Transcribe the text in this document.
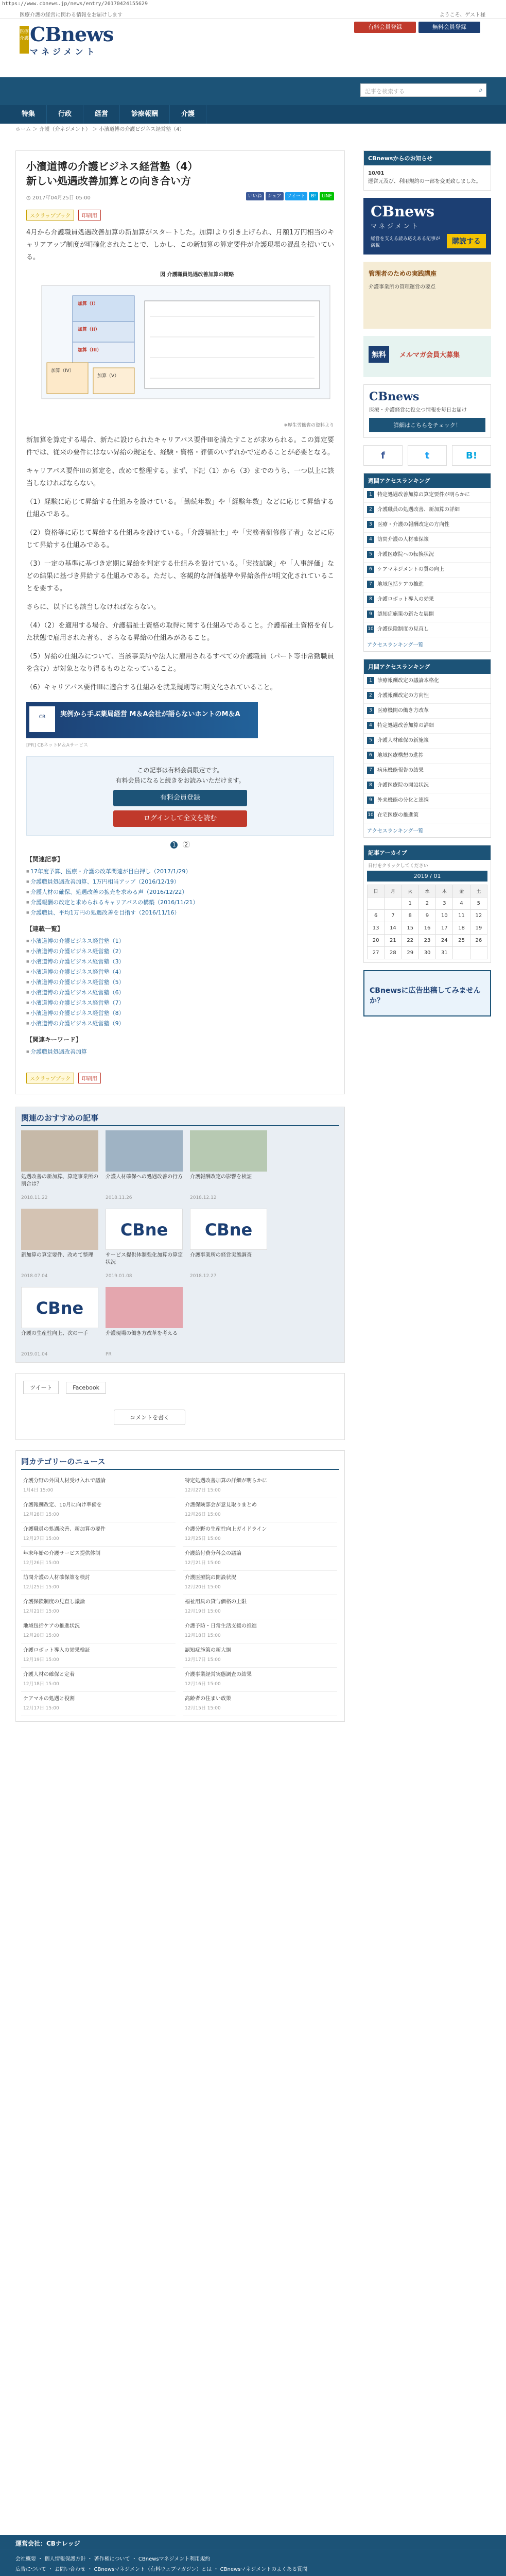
https://www.cbnews.jp/news/entry/20170424155629
医療介護の経営に関わる情報をお届けします	ようこそ、ゲスト様
医療介護 CBnews
マネジメント
有料会員登録	無料会員登録
記事を検索する	⌕
特集	行政	経営	診療報酬	介護
ホーム ＞ 介護（介ネジメント） ＞ 小濱道博の介護ビジネス経営塾（4）
小濱道博の介護ビジネス経営塾（4）
新しい処遇改善加算との向き合い方
◷ 2017年04月25日 05:00	いいね	シェア	ツイート	B!	LINE
スクラップブック 印刷用

4月から介護職員処遇改善加算の新加算がスタートした。加算Iより引き上げられ、月額1万円相当のキャリアアップ制度が明確化されたことで、しかし、この新加算の算定要件が介護現場の混乱を招いている。

図 介護職員処遇改善加算の概略
加算（I）
加算（II）
加算（III）
加算（IV）
加算（V）
※厚生労働省の資料より

新加算を算定する場合、新たに設けられたキャリアパス要件IIIを満たすことが求められる。この算定要件では、従来の要件にはない昇給の規定を、経験・資格・評価のいずれかで定めることが必要となる。

キャリアパス要件IIIの算定を、改めて整理する。まず、下記（1）から（3）までのうち、一つ以上に該当しなければならない。

（1）経験に応じて昇給する仕組みを設けている。「勤続年数」や「経験年数」などに応じて昇給する仕組みである。

（2）資格等に応じて昇給する仕組みを設けている。「介護福祉士」や「実務者研修修了者」などに応じて昇給する仕組みである。

（3）一定の基準に基づき定期に昇給を判定する仕組みを設けている。「実技試験」や「人事評価」などの結果に基づき昇給する仕組みである。ただし、客観的な評価基準や昇給条件が明文化されていることを要する。

さらに、以下にも該当しなければならない。

（4）（2）を適用する場合、介護福祉士資格の取得に関する仕組みであること。介護福祉士資格を有した状態で雇用された者も、さらなる昇給の仕組みがあること。

（5）昇給の仕組みについて、当該事業所や法人に雇用されるすべての介護職員（パート等非常勤職員を含む）が対象となり得るものとなっていること。

（6）キャリアパス要件IIIに適合する仕組みを就業規則等に明文化されていること。

CB	実例から手ぶ薬局経営 M＆A会社が語らないホントのM＆A
[PR] CBネットM＆Aサービス
この記事は有料会員限定です。
有料会員になると続きをお読みいただけます。
有料会員登録
ログインして全文を読む
1 2
【関連記事】
■ 17年度予算、医療・介護の改革関連が目白押し（2017/1/29）
■ 介護職員処遇改善加算、1万円相当アップ（2016/12/19）
■ 介護人材の確保、処遇改善の拡充を求める声（2016/12/22）
■ 介護報酬の改定と求められるキャリアパスの構築（2016/11/21）
■ 介護職員、平均1万円の処遇改善を目指す（2016/11/16）
【連載一覧】
■ 小濱道博の介護ビジネス経営塾（1）
■ 小濱道博の介護ビジネス経営塾（2）
■ 小濱道博の介護ビジネス経営塾（3）
■ 小濱道博の介護ビジネス経営塾（4）
■ 小濱道博の介護ビジネス経営塾（5）
■ 小濱道博の介護ビジネス経営塾（6）
■ 小濱道博の介護ビジネス経営塾（7）
■ 小濱道博の介護ビジネス経営塾（8）
■ 小濱道博の介護ビジネス経営塾（9）
【関連キーワード】
■ 介護職員処遇改善加算
スクラップブック 印刷用
関連のおすすめの記事
処遇改善の新加算、算定事業所の割合は？
2018.11.22
介護人材確保への処遇改善の行方
2018.11.26
介護報酬改定の影響を検証
2018.12.12
新加算の算定要件、改めて整理
2018.07.04
CBne
サービス提供体制強化加算の算定状況
2019.01.08
CBne
介護事業所の経営実態調査
2018.12.27
CBne
介護の生産性向上、次の一手
2019.01.04
介護現場の働き方改革を考える
PR
ツイート	Facebook
コメントを書く
同カテゴリーのニュース
介護分野の外国人材受け入れで議論
1月4日 15:00
介護報酬改定、10月に向け準備を
12月28日 15:00
介護職員の処遇改善、新加算の要件
12月27日 15:00
年末年始の介護サービス提供体制
12月26日 15:00
訪問介護の人材確保策を検討
12月25日 15:00
介護保険制度の見直し議論
12月21日 15:00
地域包括ケアの推進状況
12月20日 15:00
介護ロボット導入の効果検証
12月19日 15:00
介護人材の確保と定着
12月18日 15:00
ケアマネの処遇と役割
12月17日 15:00
特定処遇改善加算の詳細が明らかに
12月27日 15:00
介護保険部会が意見取りまとめ
12月26日 15:00
介護分野の生産性向上ガイドライン
12月25日 15:00
介護給付費分科会の議論
12月21日 15:00
介護医療院の開設状況
12月20日 15:00
福祉用具の貸与価格の上限
12月19日 15:00
介護予防・日常生活支援の推進
12月18日 15:00
認知症施策の新大綱
12月17日 15:00
介護事業経営実態調査の結果
12月16日 15:00
高齢者の住まい政策
12月15日 15:00
CBnewsからのお知らせ
10/01
運営元及び、利用規約の一部を変更致しました。
CBnews
マネジメント
経営を支える読み応えある記事が満載	購読する
管理者のための実践講座
介護事業所の管理運営の要点
無料	メルマガ会員大募集
CBnews
医療・介護経営に役立つ情報を毎日お届け
詳細はこちらをチェック！
f	t	B!
週間アクセスランキング
1	特定処遇改善加算の算定要件が明らかに
2	介護職員の処遇改善、新加算の詳細
3	医療・介護の報酬改定の方向性
4	訪問介護の人材確保策
5	介護医療院への転換状況
6	ケアマネジメントの質の向上
7	地域包括ケアの推進
8	介護ロボット導入の効果
9	認知症施策の新たな展開
10 介護保険制度の見直し
アクセスランキング一覧
月間アクセスランキング
1	診療報酬改定の議論本格化
2	介護報酬改定の方向性
3	医療機関の働き方改革
4	特定処遇改善加算の詳細
5	介護人材確保の新施策
6	地域医療構想の進捗
7	病床機能報告の結果
8	介護医療院の開設状況
9	外来機能の分化と連携
10 在宅医療の推進策
アクセスランキング一覧
記事アーカイブ
日付をクリックしてください
2019 / 01
日	月	火	水	木	金	土
		1	2	3	4	5
6	7	8	9	10	11	12
13	14	15	16	17	18	19
20	21	22	23	24	25	26
27	28	29	30	31		
CBnewsに広告出稿してみませんか？
運営会社：CBナレッジ
会社概要 ・ 個人情報保護方針 ・ 著作権について ・ CBnewsマネジメント利用規約
広告について ・ お問い合わせ ・ CBnewsマネジメント（有料ウェブマガジン）とは ・ CBnewsマネジメントのよくある質問
